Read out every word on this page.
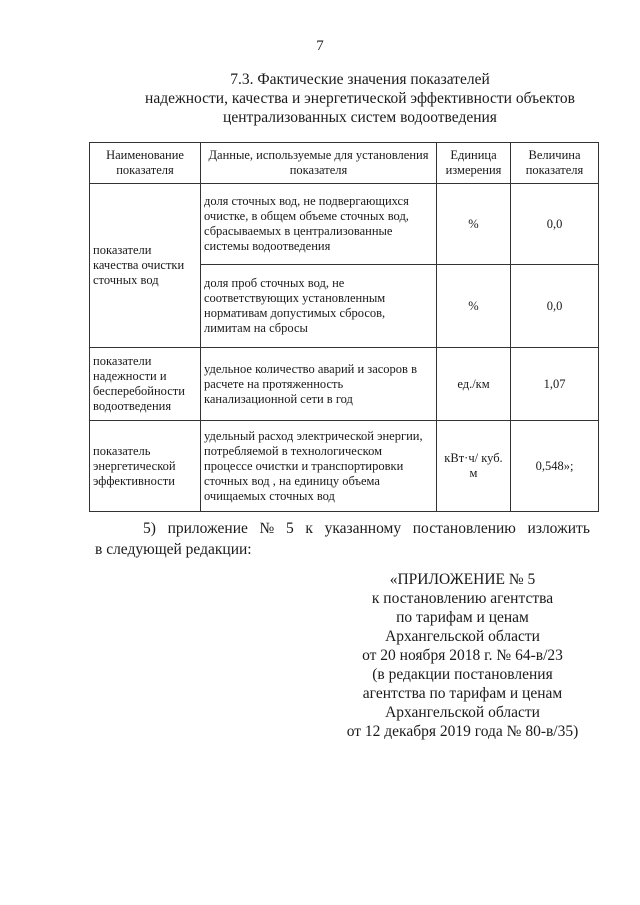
7
7.3. Фактические значения показателей
надежности, качества и энергетической эффективности объектов
централизованных систем водоотведения
Наименование показателя	Данные, используемые для установления показателя	Единица измерения	Величина показателя
показатели качества очистки сточных вод	доля сточных вод, не подвергающихся очистке, в общем объеме сточных вод, сбрасываемых в централизованные системы водоотведения	%	0,0
	доля проб сточных вод, не соответствующих установленным нормативам допустимых сбросов, лимитам на сбросы	%	0,0
показатели надежности и бесперебойности водоотведения	удельное количество аварий и засоров в расчете на протяженность канализационной сети в год	ед./км	1,07
показатель энергетической эффективности	удельный расход электрической энергии, потребляемой в технологическом процессе очистки и транспортировки сточных вод , на единицу объема очищаемых сточных вод	кВт·ч/ куб. м	0,548»;
5) приложение № 5 к указанному постановлению изложить
в следующей редакции:
«ПРИЛОЖЕНИЕ № 5
к постановлению агентства
по тарифам и ценам
Архангельской области
от 20 ноября 2018 г. № 64-в/23
(в редакции постановления
агентства по тарифам и ценам
Архангельской области
от 12 декабря 2019 года № 80-в/35)
